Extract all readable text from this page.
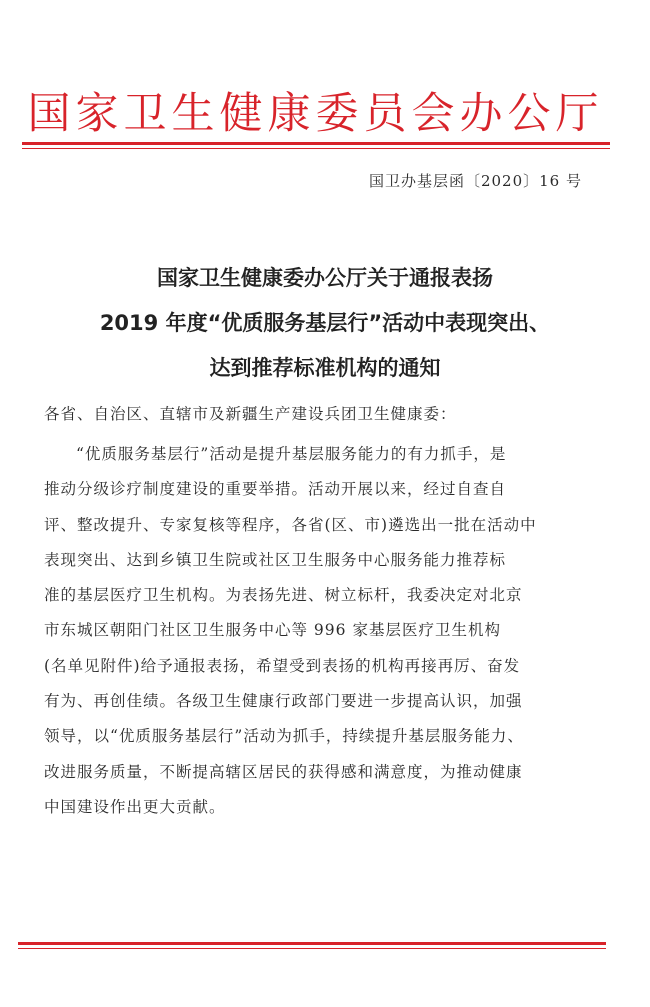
国家卫生健康委员会办公厅
国卫办基层函〔2020〕16 号
国家卫生健康委办公厅关于通报表扬
2019 年度“优质服务基层行”活动中表现突出、
达到推荐标准机构的通知
各省、自治区、直辖市及新疆生产建设兵团卫生健康委：
“优质服务基层行”活动是提升基层服务能力的有力抓手，是
推动分级诊疗制度建设的重要举措。活动开展以来，经过自查自
评、整改提升、专家复核等程序，各省(区、市)遴选出一批在活动中
表现突出、达到乡镇卫生院或社区卫生服务中心服务能力推荐标
准的基层医疗卫生机构。为表扬先进、树立标杆，我委决定对北京
市东城区朝阳门社区卫生服务中心等 996 家基层医疗卫生机构
(名单见附件)给予通报表扬，希望受到表扬的机构再接再厉、奋发
有为、再创佳绩。各级卫生健康行政部门要进一步提高认识，加强
领导，以“优质服务基层行”活动为抓手，持续提升基层服务能力、
改进服务质量，不断提高辖区居民的获得感和满意度，为推动健康
中国建设作出更大贡献。
